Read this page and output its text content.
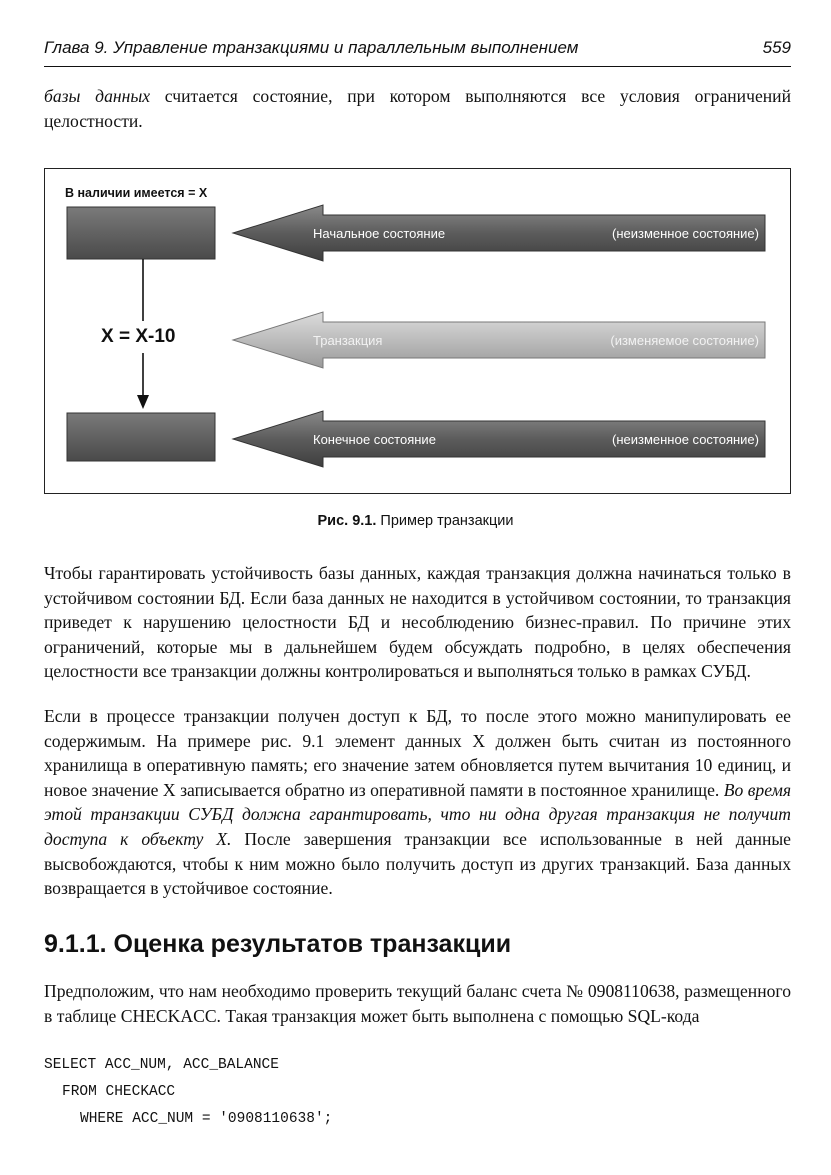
Глава 9. Управление транзакциями и параллельным выполнением	559

базы данных считается состояние, при котором выполняются все условия ограничений целостности.

Начальное состояние	(неизменное состояние)
Транзакция	(изменяемое состояние)
Конечное состояние	(неизменное состояние)
В наличии имеется = X
X = X-10
Рис. 9.1. Пример транзакции

Чтобы гарантировать устойчивость базы данных, каждая транзакция должна начинаться только в устойчивом состоянии БД. Если база данных не находится в устойчивом состоянии, то транзакция приведет к нарушению целостности БД и несоблюдению бизнес-правил. По причине этих ограничений, которые мы в дальнейшем будем обсуждать подробно, в целях обеспечения целостности все транзакции должны контролироваться и выполняться только в рамках СУБД.

Если в процессе транзакции получен доступ к БД, то после этого можно манипулировать ее содержимым. На примере рис. 9.1 элемент данных X должен быть считан из постоянного хранилища в оперативную память; его значение затем обновляется путем вычитания 10 единиц, и новое значение X записывается обратно из оперативной памяти в постоянное хранилище. Во время этой транзакции СУБД должна гарантировать, что ни одна другая транзакция не получит доступа к объекту X. После завершения транзакции все использованные в ней данные высвобождаются, чтобы к ним можно было получить доступ из других транзакций. База данных возвращается в устойчивое состояние.

9.1.1. Оценка результатов транзакции

Предположим, что нам необходимо проверить текущий баланс счета № 0908110638, размещенного в таблице CHECKACC. Такая транзакция может быть выполнена с помощью SQL-кода

SELECT ACC_NUM, ACC_BALANCE
FROM CHECKACC
WHERE ACC_NUM = '0908110638';
